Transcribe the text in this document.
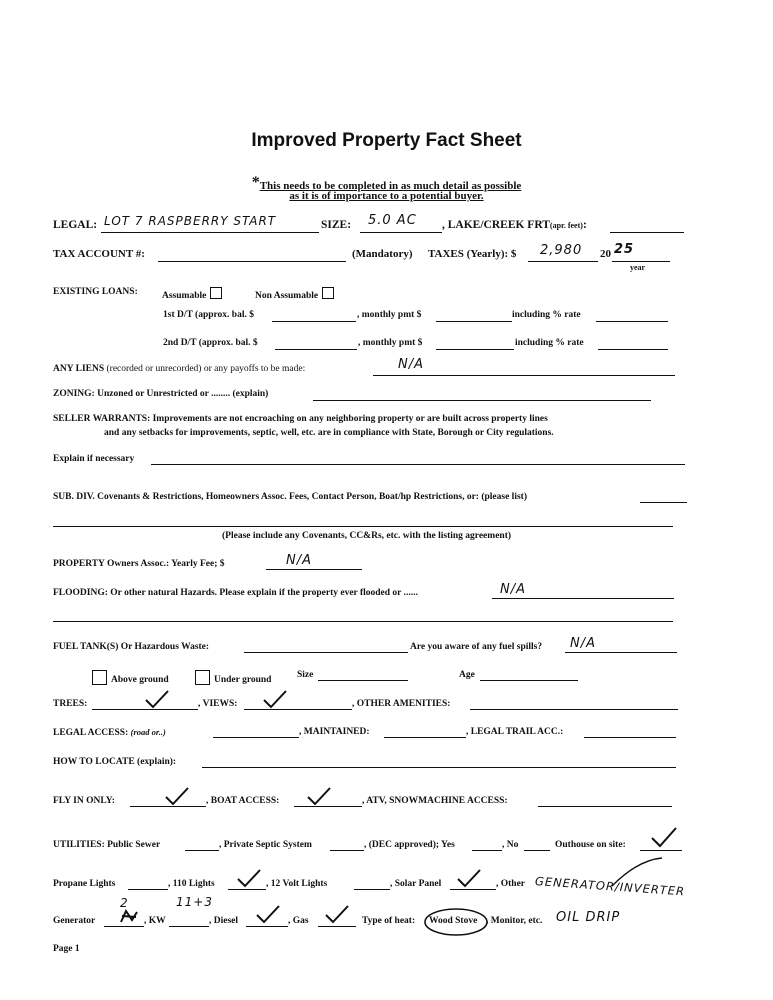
Improved Property Fact Sheet
*This needs to be completed in as much detail as possible
as it is of importance to a potential buyer.
LEGAL: LOT 7 RASPBERRY START	SIZE: 5.0 AC , LAKE/CREEK FRT(apr. feet):
TAX ACCOUNT #:	(Mandatory) TAXES (Yearly): $ 2,980 20 25
year
EXISTING LOANS:	Assumable	Non Assumable
1st D/T (approx. bal. $	, monthly pmt $	including % rate
2nd D/T (approx. bal. $	, monthly pmt $	including % rate
ANY LIENS (recorded or unrecorded) or any payoffs to be made:	N/A
ZONING: Unzoned or Unrestricted or ........ (explain)
SELLER WARRANTS: Improvements are not encroaching on any neighboring property or are built across property lines
and any setbacks for improvements, septic, well, etc. are in compliance with State, Borough or City regulations.
Explain if necessary
SUB. DIV. Covenants & Restrictions, Homeowners Assoc. Fees, Contact Person, Boat/hp Restrictions, or: (please list)
(Please include any Covenants, CC&Rs, etc. with the listing agreement)
PROPERTY Owners Assoc.: Yearly Fee; $	N/A
FLOODING: Or other natural Hazards. Please explain if the property ever flooded or ......	N/A
FUEL TANK(S) Or Hazardous Waste:	Are you aware of any fuel spills? N/A
Above ground	Under ground	Size	Age
TREES:	, VIEWS:	, OTHER AMENITIES:
LEGAL ACCESS: (road or..)	, MAINTAINED:	, LEGAL TRAIL ACC.:
HOW TO LOCATE (explain):
FLY IN ONLY:	, BOAT ACCESS:	, ATV, SNOWMACHINE ACCESS:
UTILITIES: Public Sewer	, Private Septic System	, (DEC approved); Yes	, No	Outhouse on site:
Propane Lights	, 110 Lights	, 12 Volt Lights	, Solar Panel	, Other GENERATOR/INVERTER
2	11+3
Generator	, KW	, Diesel	, Gas	Type of heat: Wood Stove , Monitor, etc. OIL DRIP
Page 1
